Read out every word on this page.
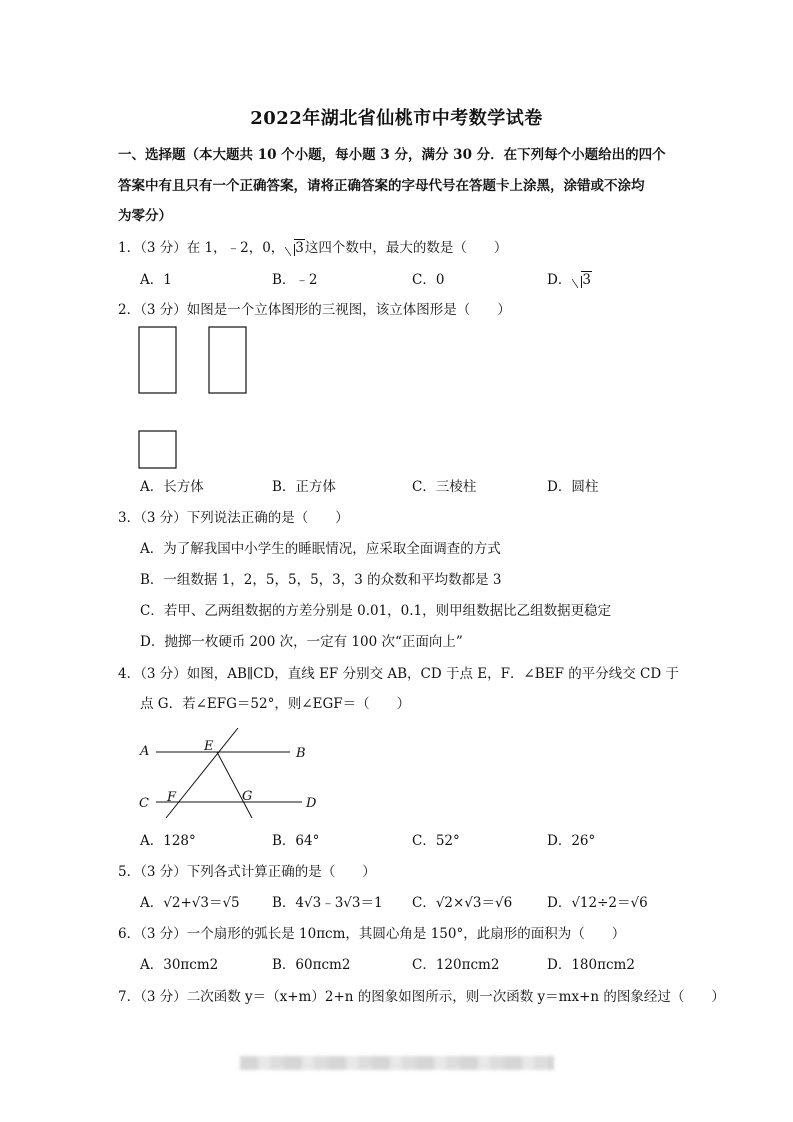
2022年湖北省仙桃市中考数学试卷
一、选择题（本大题共 10 个小题，每小题 3 分，满分 30 分．在下列每个小题给出的四个
答案中有且只有一个正确答案，请将正确答案的字母代号在答题卡上涂黑，涂错或不涂均
为零分）
1．（3 分）在 1，﹣2，0， 3这四个数中，最大的数是（　　）
A．1	B．﹣2	C．0	D． 3
2．（3 分）如图是一个立体图形的三视图，该立体图形是（　　）
A．长方体	B．正方体	C．三棱柱	D．圆柱
3．（3 分）下列说法正确的是（　　）
A．为了解我国中小学生的睡眠情况，应采取全面调查的方式
B．一组数据 1，2，5，5，5，3，3 的众数和平均数都是 3
C．若甲、乙两组数据的方差分别是 0.01，0.1，则甲组数据比乙组数据更稳定
D．抛掷一枚硬币 200 次，一定有 100 次“正面向上”
4．（3 分）如图，AB∥CD，直线 EF 分别交 AB，CD 于点 E，F．∠BEF 的平分线交 CD 于
点 G．若∠EFG＝52°，则∠EGF＝（　　）
A	B
C	D
E
F	G
A．128°	B．64°	C．52°	D．26°
5．（3 分）下列各式计算正确的是（　　）
A．√2+√3＝√5 B．4√3﹣3√3＝1 C．√2×√3＝√6	D．√12÷2＝√6
6．（3 分）一个扇形的弧长是 10πcm，其圆心角是 150°，此扇形的面积为（　　）
A．30πcm2	B．60πcm2	C．120πcm2	D．180πcm2
7．（3 分）二次函数 y＝（x+m）2+n 的图象如图所示，则一次函数 y＝mx+n 的图象经过（　　）
